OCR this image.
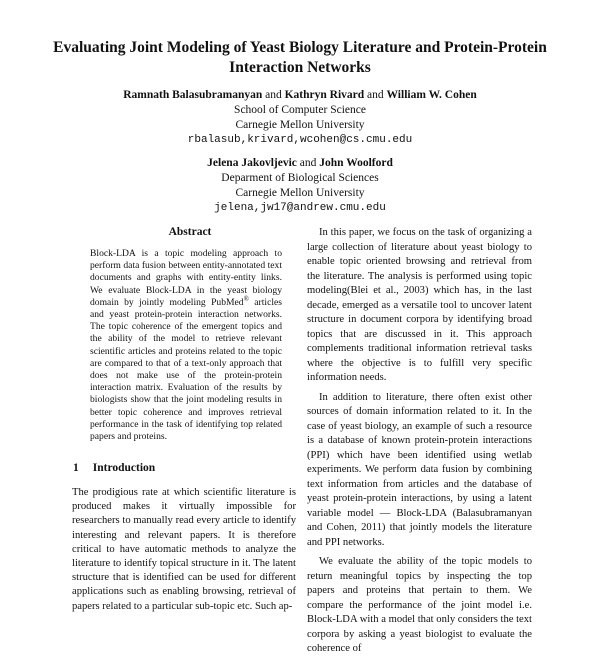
Evaluating Joint Modeling of Yeast Biology Literature and Protein-Protein Interaction Networks
Ramnath Balasubramanyan and Kathryn Rivard and William W. Cohen
School of Computer Science
Carnegie Mellon University
rbalasub,krivard,wcohen@cs.cmu.edu
Jelena Jakovljevic and John Woolford
Deparment of Biological Sciences
Carnegie Mellon University
jelena,jw17@andrew.cmu.edu
Abstract
Block-LDA is a topic modeling approach to perform data fusion between entity-annotated text documents and graphs with entity-entity links. We evaluate Block-LDA in the yeast biology domain by jointly modeling PubMed® articles and yeast protein-protein interaction networks. The topic coherence of the emergent topics and the ability of the model to retrieve relevant scientific articles and proteins related to the topic are compared to that of a text-only approach that does not make use of the protein-protein interaction matrix. Evaluation of the results by biologists show that the joint modeling results in better topic coherence and improves retrieval performance in the task of identifying top related papers and proteins.
1 Introduction

The prodigious rate at which scientific literature is produced makes it virtually impossible for researchers to manually read every article to identify interesting and relevant papers. It is therefore critical to have automatic methods to analyze the literature to identify topical structure in it. The latent structure that is identified can be used for different applications such as enabling browsing, retrieval of papers related to a particular sub-topic etc. Such ap-

In this paper, we focus on the task of organizing a large collection of literature about yeast biology to enable topic oriented browsing and retrieval from the literature. The analysis is performed using topic modeling(Blei et al., 2003) which has, in the last decade, emerged as a versatile tool to uncover latent structure in document corpora by identifying broad topics that are discussed in it. This approach complements traditional information retrieval tasks where the objective is to fulfill very specific information needs.

In addition to literature, there often exist other sources of domain information related to it. In the case of yeast biology, an example of such a resource is a database of known protein-protein interactions (PPI) which have been identified using wetlab experiments. We perform data fusion by combining text information from articles and the database of yeast protein-protein interactions, by using a latent variable model — Block-LDA (Balasubramanyan and Cohen, 2011) that jointly models the literature and PPI networks.

We evaluate the ability of the topic models to return meaningful topics by inspecting the top papers and proteins that pertain to them. We compare the performance of the joint model i.e. Block-LDA with a model that only considers the text corpora by asking a yeast biologist to evaluate the coherence of
